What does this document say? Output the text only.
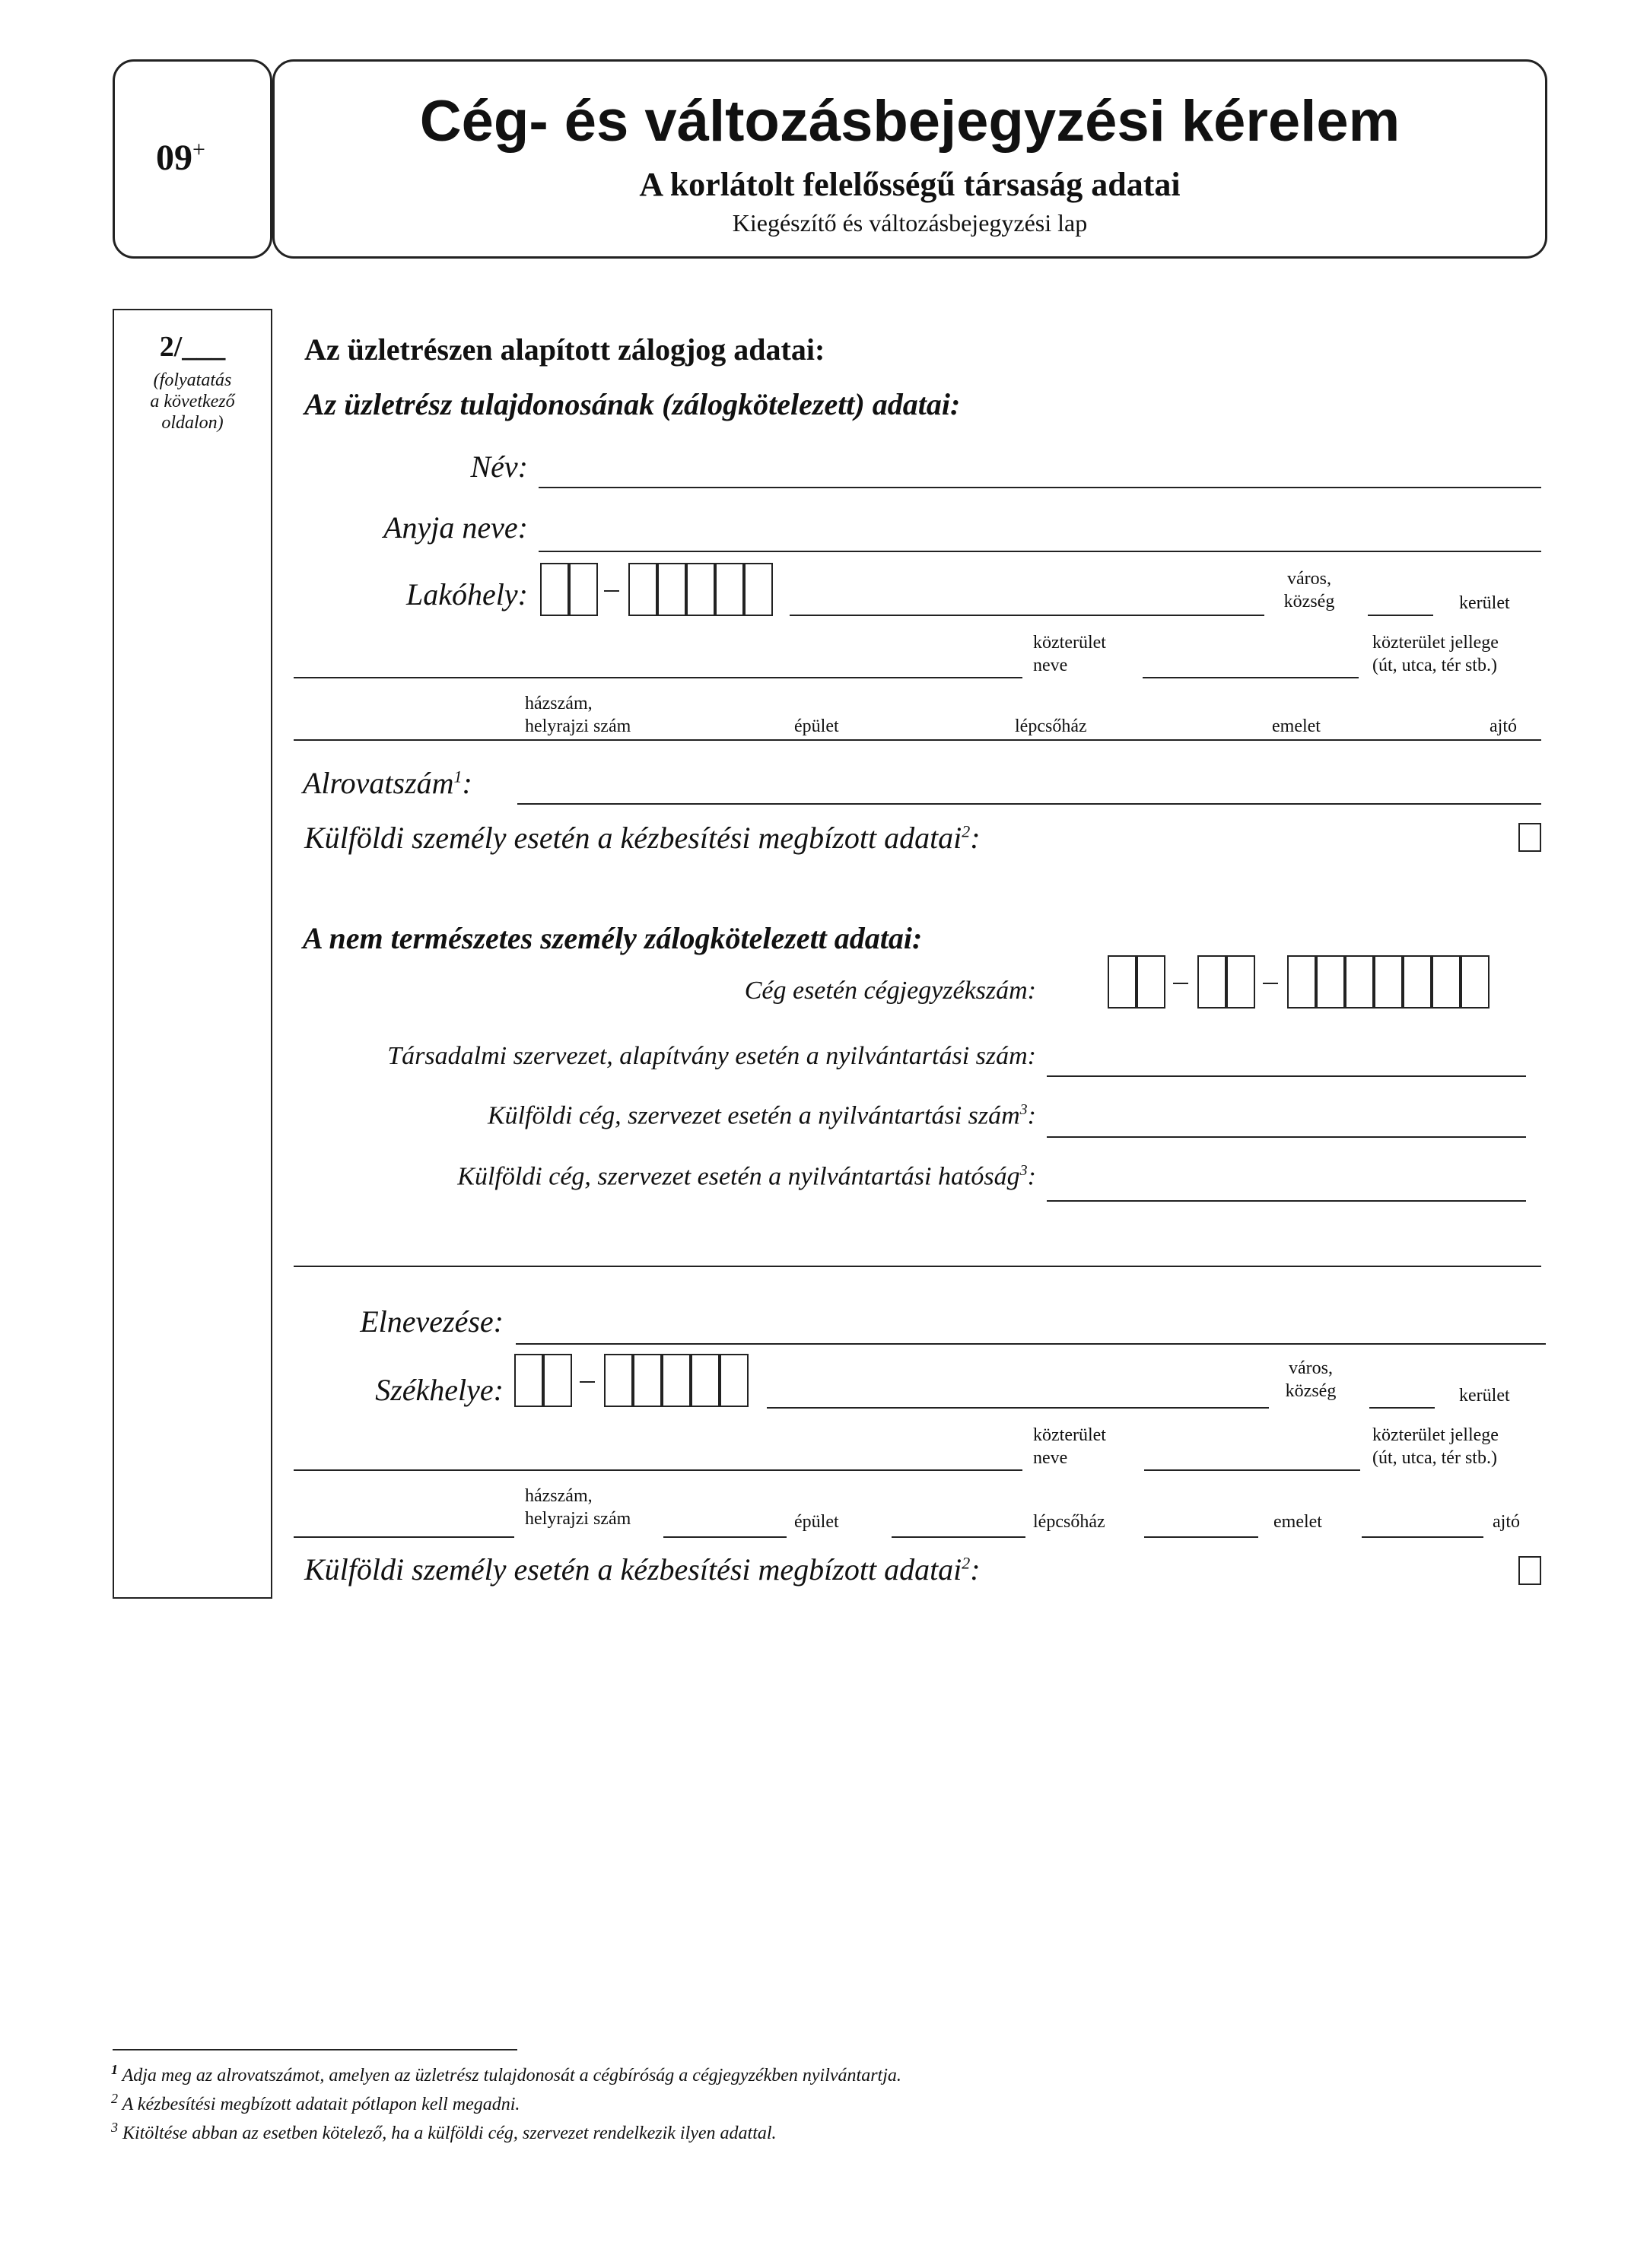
09+	Cég- és változásbejegyzési kérelem
A korlátolt felelősségű társaság adatai
Kiegészítő és változásbejegyzési lap
2/___
(folyatatás
a következő
oldalon)
Az üzletrészen alapított zálogjog adatai:
Az üzletrész tulajdonosának (zálogkötelezett) adatai:
Név:
Anyja neve:
Lakóhely:	város,
község	kerület
közterület
neve
közterület jellege
(út, utca, tér stb.)
házszám,
helyrajzi szám	épület	lépcsőház	emelet	ajtó
Alrovatszám$^1$:
Külföldi személy esetén a kézbesítési megbízott adatai$^2$:
A nem természetes személy zálogkötelezett adatai:
Cég esetén cégjegyzékszám:
Társadalmi szervezet, alapítvány esetén a nyilvántartási szám:
Külföldi cég, szervezet esetén a nyilvántartási szám$^3$:
Külföldi cég, szervezet esetén a nyilvántartási hatóság$^3$:
Elnevezése:
Székhelye:
város,
község	kerület
közterület
neve
közterület jellege
(út, utca, tér stb.)
házszám,
helyrajzi szám	épület	lépcsőház	emelet	ajtó
Külföldi személy esetén a kézbesítési megbízott adatai$^2$:
$^1$ Adja meg az alrovatszámot, amelyen az üzletrész tulajdonosát a cégbíróság a cégjegyzékben nyilvántartja.
$^2$ A kézbesítési megbízott adatait pótlapon kell megadni.
$^3$ Kitöltése abban az esetben kötelező, ha a külföldi cég, szervezet rendelkezik ilyen adattal.
